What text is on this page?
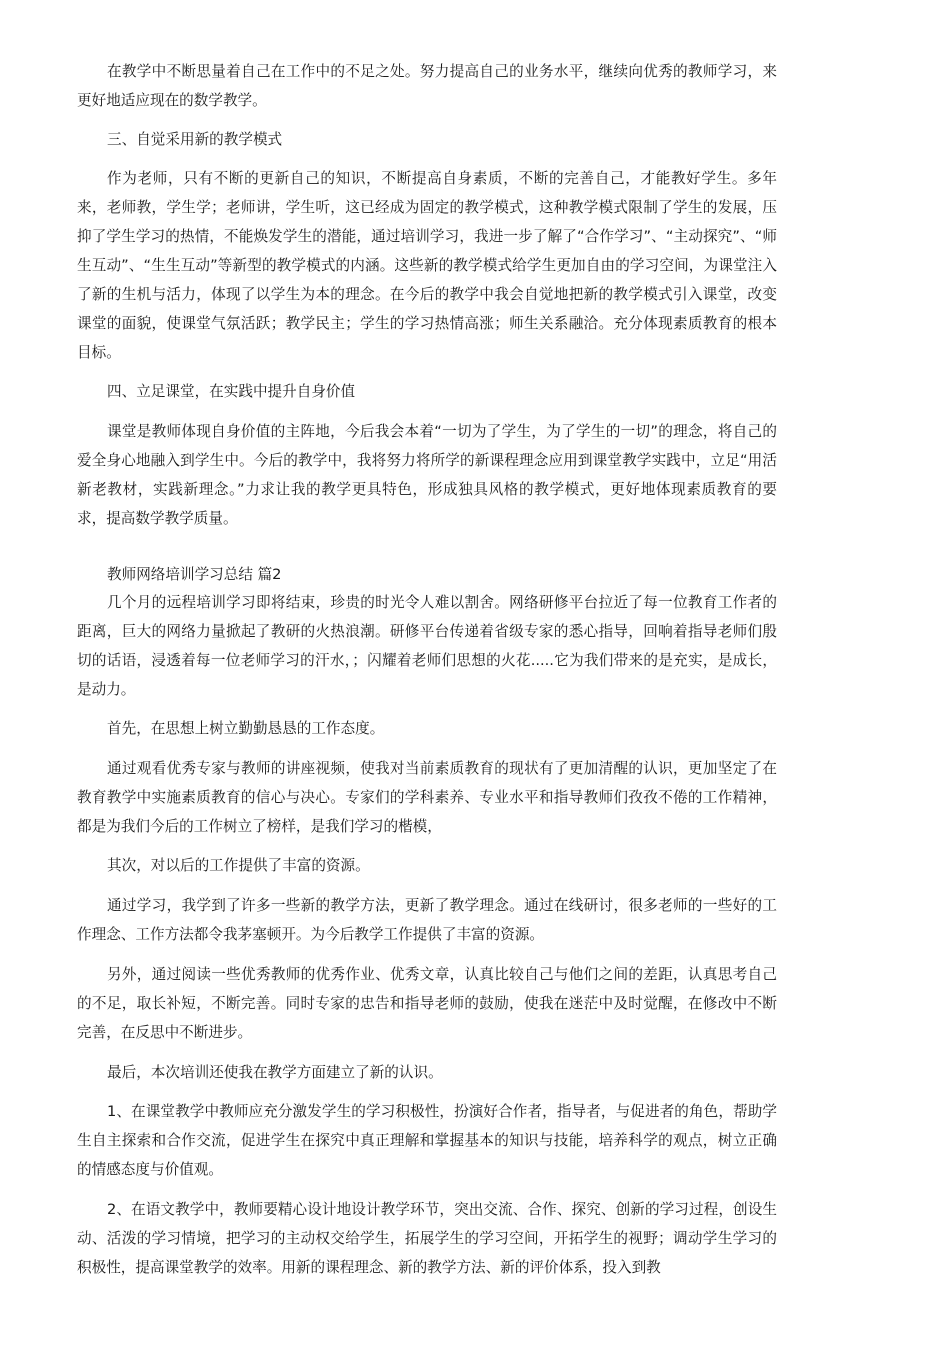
在教学中不断思量着自己在工作中的不足之处。努力提高自己的业务水平，继续向优秀的教师学习，来更好地适应现在的数学教学。

三、自觉采用新的教学模式

作为老师，只有不断的更新自己的知识，不断提高自身素质，不断的完善自己，才能教好学生。多年来，老师教，学生学；老师讲，学生听，这已经成为固定的教学模式，这种教学模式限制了学生的发展，压抑了学生学习的热情，不能焕发学生的潜能，通过培训学习，我进一步了解了“合作学习”、“主动探究”、“师生互动”、“生生互动”等新型的教学模式的内涵。这些新的教学模式给学生更加自由的学习空间，为课堂注入了新的生机与活力，体现了以学生为本的理念。在今后的教学中我会自觉地把新的教学模式引入课堂，改变课堂的面貌，使课堂气氛活跃；教学民主；学生的学习热情高涨；师生关系融洽。充分体现素质教育的根本目标。

四、立足课堂，在实践中提升自身价值

课堂是教师体现自身价值的主阵地，今后我会本着“一切为了学生，为了学生的一切”的理念，将自己的爱全身心地融入到学生中。今后的教学中，我将努力将所学的新课程理念应用到课堂教学实践中，立足“用活新老教材，实践新理念。”力求让我的教学更具特色，形成独具风格的教学模式，更好地体现素质教育的要求，提高数学教学质量。

教师网络培训学习总结 篇2

几个月的远程培训学习即将结束，珍贵的时光令人难以割舍。网络研修平台拉近了每一位教育工作者的距离，巨大的网络力量掀起了教研的火热浪潮。研修平台传递着省级专家的悉心指导，回响着指导老师们殷切的话语，浸透着每一位老师学习的汗水，；闪耀着老师们思想的火花.....它为我们带来的是充实，是成长，是动力。

首先，在思想上树立勤勤恳恳的工作态度。

通过观看优秀专家与教师的讲座视频，使我对当前素质教育的现状有了更加清醒的认识，更加坚定了在教育教学中实施素质教育的信心与决心。专家们的学科素养、专业水平和指导教师们孜孜不倦的工作精神，都是为我们今后的工作树立了榜样，是我们学习的楷模，

其次，对以后的工作提供了丰富的资源。

通过学习，我学到了许多一些新的教学方法，更新了教学理念。通过在线研讨，很多老师的一些好的工作理念、工作方法都令我茅塞顿开。为今后教学工作提供了丰富的资源。

另外，通过阅读一些优秀教师的优秀作业、优秀文章，认真比较自己与他们之间的差距，认真思考自己的不足，取长补短，不断完善。同时专家的忠告和指导老师的鼓励，使我在迷茫中及时觉醒，在修改中不断完善，在反思中不断进步。

最后，本次培训还使我在教学方面建立了新的认识。

1、在课堂教学中教师应充分激发学生的学习积极性，扮演好合作者，指导者，与促进者的角色，帮助学生自主探索和合作交流，促进学生在探究中真正理解和掌握基本的知识与技能，培养科学的观点，树立正确的情感态度与价值观。

2、在语文教学中，教师要精心设计地设计教学环节，突出交流、合作、探究、创新的学习过程，创设生动、活泼的学习情境，把学习的主动权交给学生，拓展学生的学习空间，开拓学生的视野；调动学生学习的积极性，提高课堂教学的效率。用新的课程理念、新的教学方法、新的评价体系，投入到教
